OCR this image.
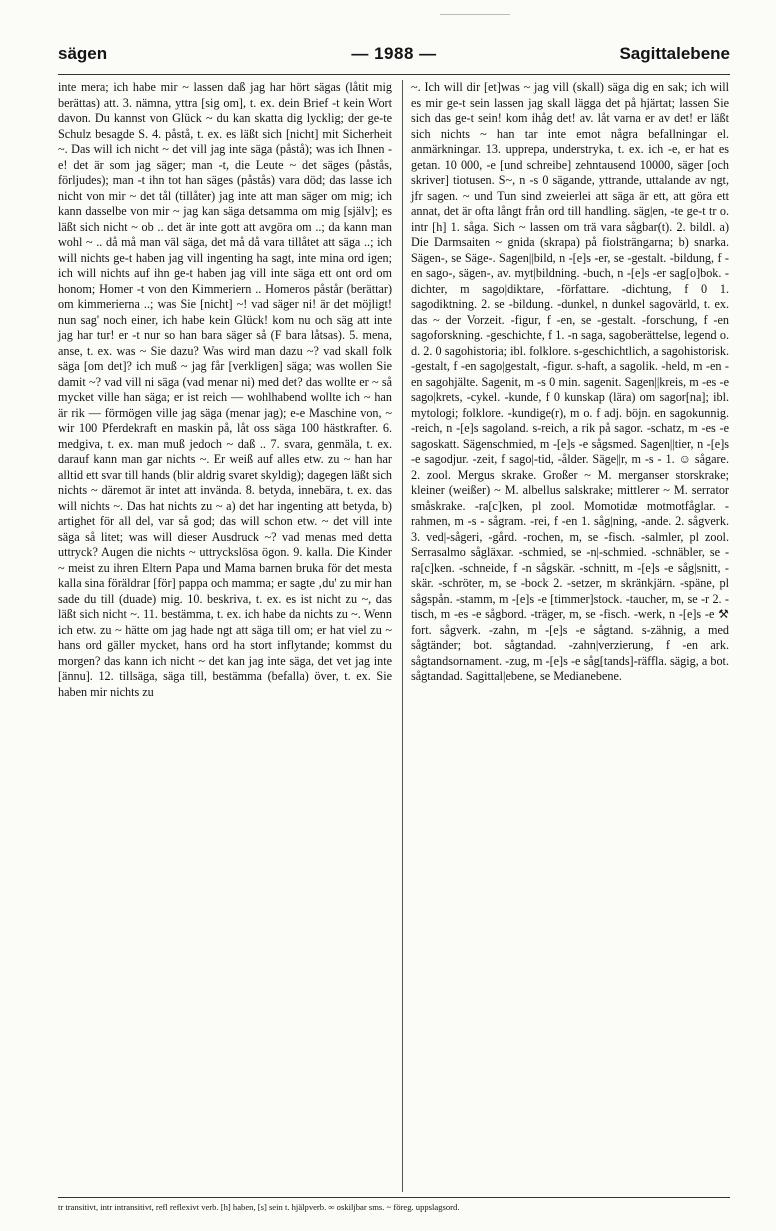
sägen	— 1988 —	Sagittalebene

inte mera; ich habe mir ~ lassen daß jag har hört sägas (låtit mig berättas) att. 3. nämna, yttra [sig om], t. ex. dein Brief -t kein Wort davon. Du kannst von Glück ~ du kan skatta dig lycklig; der ge-te Schulz besagde S. 4. påstå, t. ex. es läßt sich [nicht] mit Sicherheit ~. Das will ich nicht ~ det vill jag inte säga (påstå); was ich Ihnen -e! det är som jag säger; man -t, die Leute ~ det säges (påstås, förljudes); man -t ihn tot han säges (påstås) vara död; das lasse ich nicht von mir ~ det tål (tillåter) jag inte att man säger om mig; ich kann dasselbe von mir ~ jag kan säga detsamma om mig [själv]; es läßt sich nicht ~ ob .. det är inte gott att avgöra om ..; da kann man wohl ~ .. då må man väl säga, det må då vara tillåtet att säga ..; ich will nichts ge-t haben jag vill ingenting ha sagt, inte mina ord igen; ich will nichts auf ihn ge-t haben jag vill inte säga ett ont ord om honom; Homer -t von den Kimmeriern .. Homeros påstår (berättar) om kimmerierna ..; was Sie [nicht] ~! vad säger ni! är det möjligt! nun sag' noch einer, ich habe kein Glück! kom nu och säg att inte jag har tur! er -t nur so han bara säger så (F bara låtsas). 5. mena, anse, t. ex. was ~ Sie dazu? Was wird man dazu ~? vad skall folk säga [om det]? ich muß ~ jag får [verkligen] säga; was wollen Sie damit ~? vad vill ni säga (vad menar ni) med det? das wollte er ~ så mycket ville han säga; er ist reich — wohlhabend wollte ich ~ han är rik — förmögen ville jag säga (menar jag); e-e Maschine von, ~ wir 100 Pferdekraft en maskin på, låt oss säga 100 hästkrafter. 6. medgiva, t. ex. man muß jedoch ~ daß .. 7. svara, genmäla, t. ex. darauf kann man gar nichts ~. Er weiß auf alles etw. zu ~ han har alltid ett svar till hands (blir aldrig svaret skyldig); dagegen läßt sich nichts ~ däremot är intet att invända. 8. betyda, innebära, t. ex. das will nichts ~. Das hat nichts zu ~ a) det har ingenting att betyda, b) artighet för all del, var så god; das will schon etw. ~ det vill inte säga så litet; was will dieser Ausdruck ~? vad menas med detta uttryck? Augen die nichts ~ uttryckslösa ögon. 9. kalla. Die Kinder ~ meist zu ihren Eltern Papa und Mama barnen bruka för det mesta kalla sina föräldrar [för] pappa och mamma; er sagte ‚du' zu mir han sade du till (duade) mig. 10. beskriva, t. ex. es ist nicht zu ~, das läßt sich nicht ~. 11. bestämma, t. ex. ich habe da nichts zu ~. Wenn ich etw. zu ~ hätte om jag hade ngt att säga till om; er hat viel zu ~ hans ord gäller mycket, hans ord ha stort inflytande; kommst du morgen? das kann ich nicht ~ det kan jag inte säga, det vet jag inte [ännu]. 12. tillsäga, säga till, bestämma (befalla) över, t. ex. Sie haben mir nichts zu

~. Ich will dir [et]was ~ jag vill (skall) säga dig en sak; ich will es mir ge-t sein lassen jag skall lägga det på hjärtat; lassen Sie sich das ge-t sein! kom ihåg det! av. låt varna er av det! er läßt sich nichts ~ han tar inte emot några befallningar el. anmärkningar. 13. upprepa, understryka, t. ex. ich -e, er hat es getan. 10 000, -e [und schreibe] zehntausend 10000, säger [och skriver] tiotusen. S~, n -s 0 sägande, yttrande, uttalande av ngt, jfr sagen. ~ und Tun sind zweierlei att säga är ett, att göra ett annat, det är ofta långt från ord till handling. säg|en, -te ge-t tr o. intr [h] 1. såga. Sich ~ lassen om trä vara sågbar(t). 2. bildl. a) Die Darmsaiten ~ gnida (skrapa) på fiolsträngarna; b) snarka. Sägen-, se Säge-. Sagen||bild, n -[e]s -er, se -gestalt. -bildung, f -en sago-, sägen-, av. myt|bildning. -buch, n -[e]s -er sag[o]bok. -dichter, m sago|diktare, -författare. -dichtung, f 0 1. sagodiktning. 2. se -bildung. -dunkel, n dunkel sagovärld, t. ex. das ~ der Vorzeit. -figur, f -en, se -gestalt. -forschung, f -en sagoforskning. -geschichte, f 1. -n saga, sagoberättelse, legend o. d. 2. 0 sagohistoria; ibl. folklore. s-geschichtlich, a sagohistorisk. -gestalt, f -en sago|gestalt, -figur. s-haft, a sagolik. -held, m -en -en sagohjälte. Sagenit, m -s 0 min. sagenit. Sagen||kreis, m -es -e sago|krets, -cykel. -kunde, f 0 kunskap (lära) om sagor[na]; ibl. mytologi; folklore. -kundige(r), m o. f adj. böjn. en sagokunnig. -reich, n -[e]s sagoland. s-reich, a rik på sagor. -schatz, m -es -e sagoskatt. Sägenschmied, m -[e]s -e sågsmed. Sagen||tier, n -[e]s -e sagodjur. -zeit, f sago|-tid, -ålder. Säge||r, m -s - 1. ☺ sågare. 2. zool. Mergus skrake. Großer ~ M. merganser storskrake; kleiner (weißer) ~ M. albellus salskrake; mittlerer ~ M. serrator småskrake. -ra[c]ken, pl zool. Momotidæ motmotfåglar. -rahmen, m -s - sågram. -rei, f -en 1. såg|ning, -ande. 2. sågverk. 3. ved|-sågeri, -gård. -rochen, m, se -fisch. -salmler, pl zool. Serrasalmo sågläxar. -schmied, se -n|-schmied. -schnäbler, se -ra[c]ken. -schneide, f -n sågskär. -schnitt, m -[e]s -e såg|snitt, -skär. -schröter, m, se -bock 2. -setzer, m skränkjärn. -späne, pl sågspån. -stamm, m -[e]s -e [timmer]stock. -taucher, m, se -r 2. -tisch, m -es -e sågbord. -träger, m, se -fisch. -werk, n -[e]s -e ⚒ fort. sågverk. -zahn, m -[e]s -e sågtand. s-zähnig, a med sågtänder; bot. sågtandad. -zahn|verzierung, f -en ark. sågtandsornament. -zug, m -[e]s -e såg[tands]-räffla. sägig, a bot. sågtandad. Sagittal|ebene, se Medianebene.

tr transitivt, intr intransitivt, refl reflexivt verb. [h] haben, [s] sein t. hjälpverb. ∞ oskiljbar sms. ~ föreg. uppslagsord.
